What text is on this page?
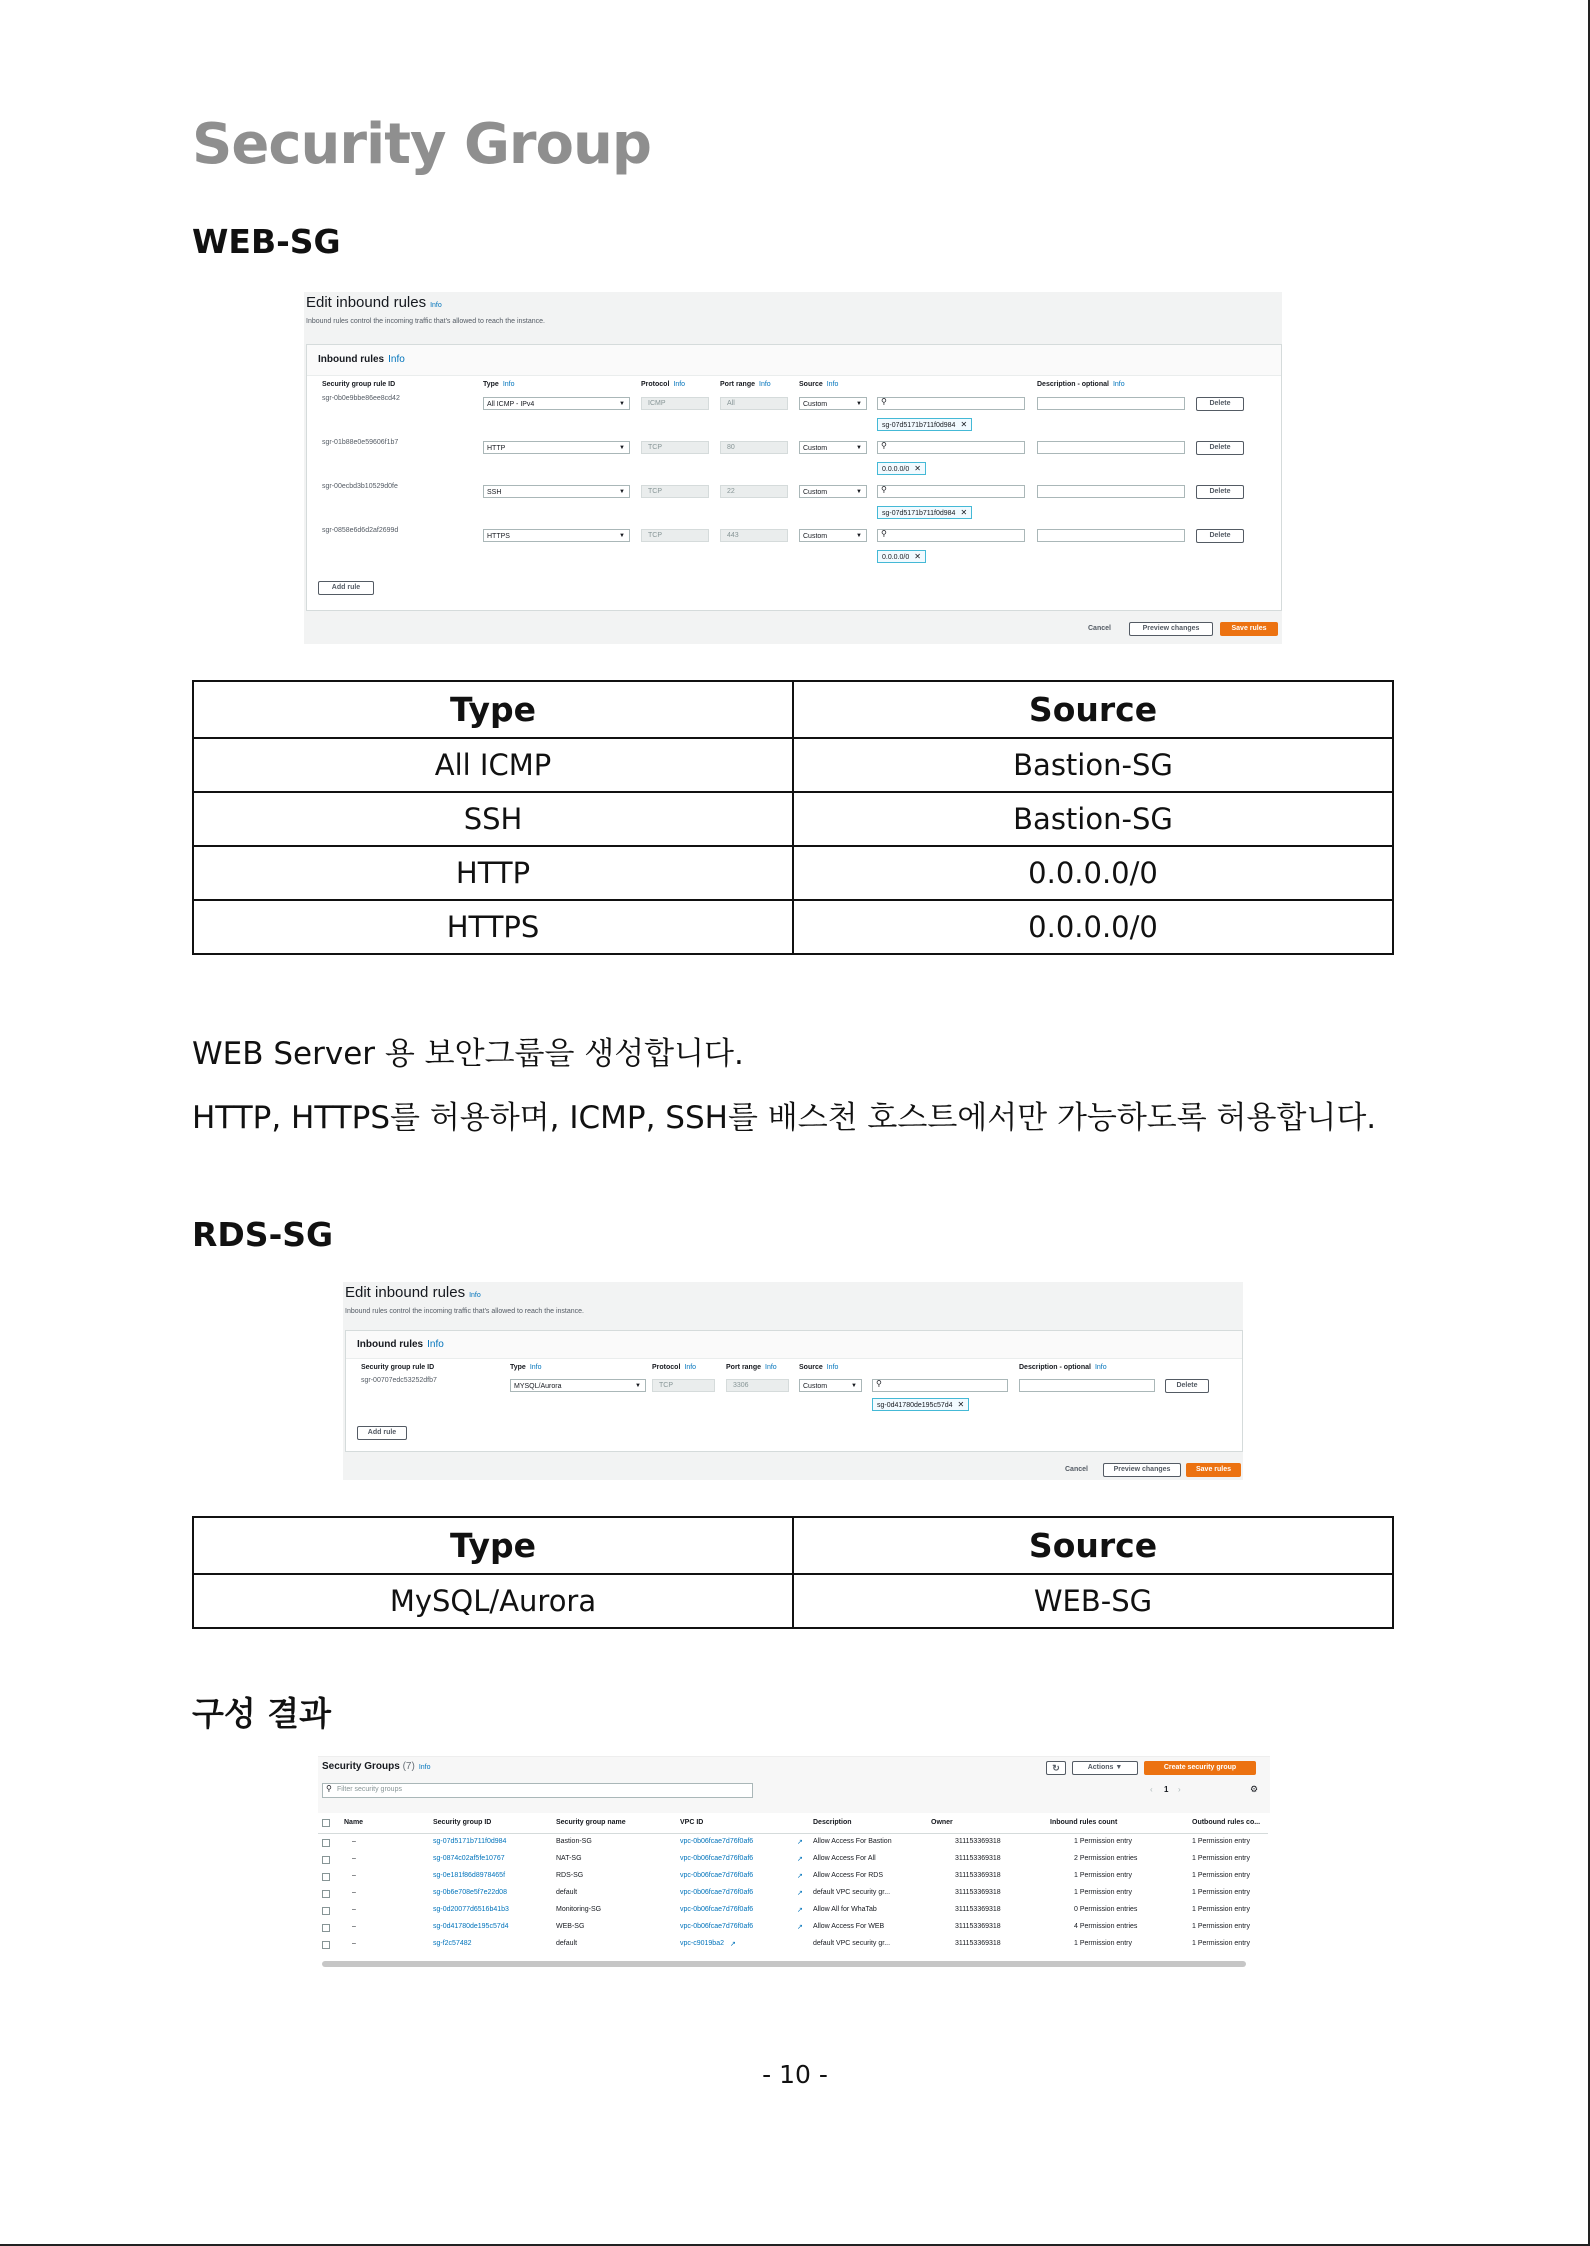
Security Group
WEB-SG
Edit inbound rules Info
Inbound rules control the incoming traffic that's allowed to reach the instance.
Inbound rules Info
Security group rule ID	Type Info	Protocol Info	Port range Info	Source Info	Description - optional Info
sgr-0b0e9bbe86ee8cd42
All ICMP - IPv4	▼	ICMP	All	Custom	▼ ⚲	Delete
sg-07d5171b711f0d984 ✕
sgr-01b88e0e59606f1b7
HTTP	▼	TCP	80	Custom	▼ ⚲	Delete
0.0.0.0/0 ✕
sgr-00ecbd3b10529d0fe
SSH	▼	TCP	22	Custom	▼ ⚲	Delete
sg-07d5171b711f0d984 ✕
sgr-0858e6d6d2af2699d
HTTPS	▼	TCP	443	Custom	▼ ⚲	Delete
0.0.0.0/0 ✕
Add rule
Cancel	Preview changes	Save rules
Type	Source
All ICMP	Bastion-SG
SSH	Bastion-SG
HTTP	0.0.0.0/0
HTTPS	0.0.0.0/0

WEB Server 용 보안그룹을 생성합니다.

HTTP, HTTPS를 허용하며, ICMP, SSH를 배스천 호스트에서만 가능하도록 허용합니다.

RDS-SG
Edit inbound rules Info
Inbound rules control the incoming traffic that's allowed to reach the instance.
Inbound rules Info
Security group rule ID	Type Info	Protocol Info	Port range Info	Source Info	Description - optional Info
sgr-00707edc53252dfb7
MYSQL/Aurora	▼	TCP	3306	Custom	▼ ⚲	Delete
sg-0d41780de195c57d4 ✕
Add rule
Cancel	Preview changes	Save rules
Type	Source
MySQL/Aurora	WEB-SG
구성 결과
Security Groups (7) Info	↻	Actions ▼	Create security group
⚲ Filter security groups	‹ 1 ›	⚙
Name	Security group ID	Security group name	VPC ID	Description	Owner	Inbound rules count	Outbound rules co...
–	sg-07d5171b711f0d984	Bastion-SG	vpc-0b06fcae7d76f0af6	↗ Allow Access For Bastion	311153369318	1 Permission entry	1 Permission entry
–	sg-0874c02af5fe10767	NAT-SG	vpc-0b06fcae7d76f0af6	↗ Allow Access For All	311153369318	2 Permission entries	1 Permission entry
–	sg-0e181f86d8978465f	RDS-SG	vpc-0b06fcae7d76f0af6	↗ Allow Access For RDS	311153369318	1 Permission entry	1 Permission entry
–	sg-0b6e708e5f7e22d08	default	vpc-0b06fcae7d76f0af6	↗ default VPC security gr...	311153369318	1 Permission entry	1 Permission entry
–	sg-0d20077d6516b41b3	Monitoring-SG	vpc-0b06fcae7d76f0af6	↗ Allow All for WhaTab	311153369318	0 Permission entries	1 Permission entry
–	sg-0d41780de195c57d4	WEB-SG	vpc-0b06fcae7d76f0af6	↗ Allow Access For WEB	311153369318	4 Permission entries	1 Permission entry
–	sg-f2c57482	default	vpc-c9019ba2 ↗	default VPC security gr...	311153369318	1 Permission entry	1 Permission entry
- 10 -
